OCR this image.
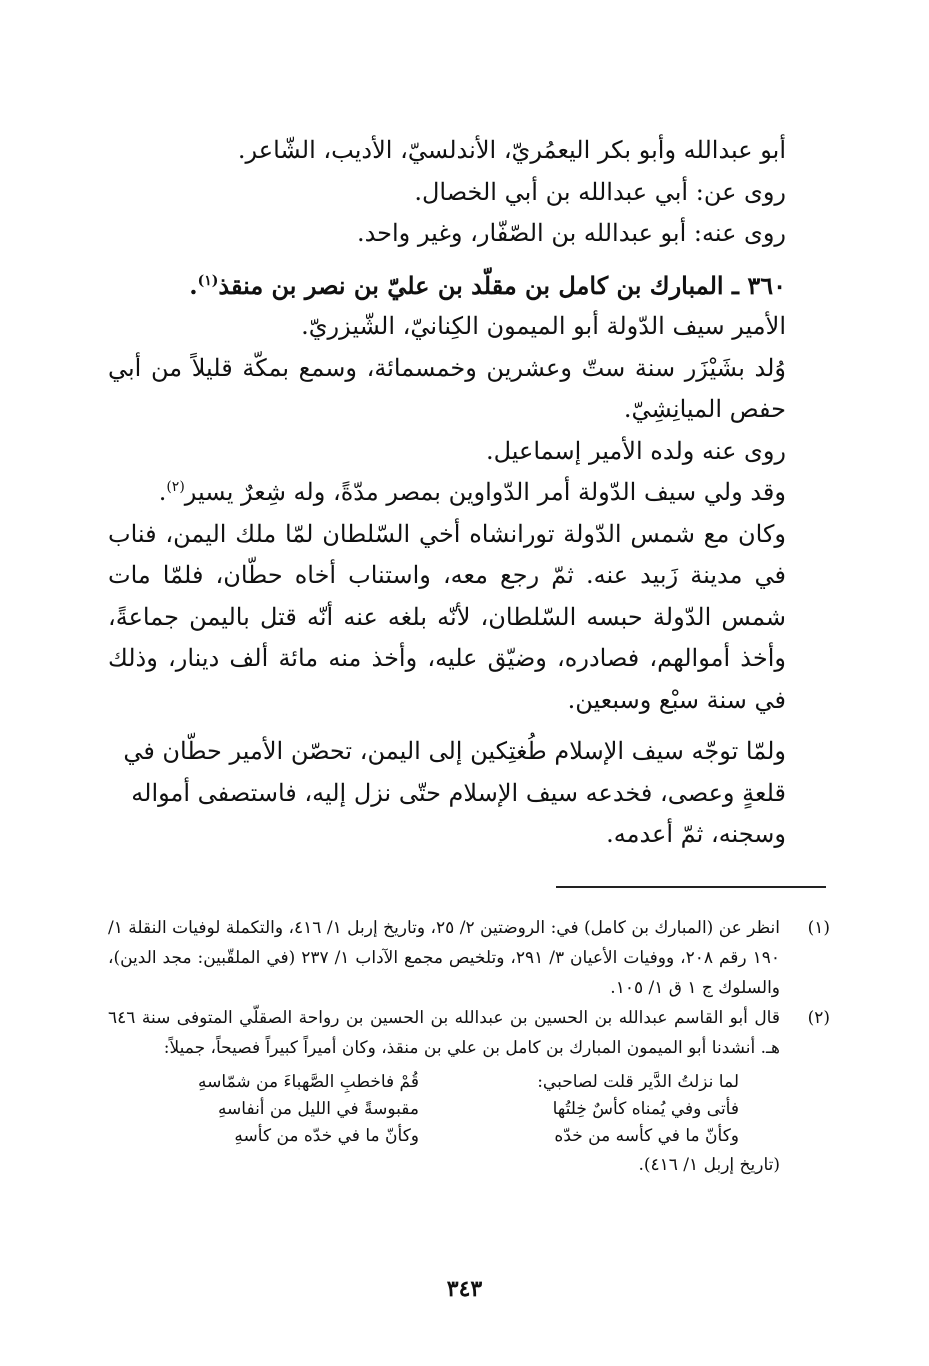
أبو عبدالله وأبو بكر اليعمُريّ، الأندلسيّ، الأديب، الشّاعر.

روى عن: أبي عبدالله بن أبي الخصال.

روى عنه: أبو عبدالله بن الصّفّار، وغير واحد.

٣٦٠ ـ المبارك بن كامل بن مقلّد بن عليّ بن نصر بن منقذ$^{(١)}$.

الأمير سيف الدّولة أبو الميمون الكِنانيّ، الشّيزريّ.

وُلد بشَيْزَر سنة ستّ وعشرين وخمسمائة، وسمع بمكّة قليلاً من أبي حفص الميانِشِيّ.

روى عنه ولده الأمير إسماعيل.

وقد ولي سيف الدّولة أمر الدّواوين بمصر مدّةً، وله شِعرٌ يسير$^{(٢)}$.

وكان مع شمس الدّولة تورانشاه أخي السّلطان لمّا ملك اليمن، فناب في مدينة زَبيد عنه. ثمّ رجع معه، واستناب أخاه حطّان، فلمّا مات شمس الدّولة حبسه السّلطان، لأنّه بلغه عنه أنّه قتل باليمن جماعةً، وأخذ أموالهم، فصادره، وضيّق عليه، وأخذ منه مائة ألف دينار، وذلك في سنة سبْع وسبعين.

ولمّا توجّه سيف الإسلام طُغتِكين إلى اليمن، تحصّن الأمير حطّان في قلعةٍ وعصى، فخدعه سيف الإسلام حتّى نزل إليه، فاستصفى أمواله وسجنه، ثمّ أعدمه.

(١)
انظر عن (المبارك بن كامل) في: الروضتين ٢/ ٢٥، وتاريخ إربل ١/ ٤١٦، والتكملة لوفيات النقلة ١/ ١٩٠ رقم ٢٠٨، ووفيات الأعيان ٣/ ٢٩١، وتلخيص مجمع الآداب ١/ ٢٣٧ (في الملقّبين: مجد الدين)، والسلوك ج ١ ق ١/ ١٠٥.
(٢)

قال أبو القاسم عبدالله بن الحسين بن عبدالله بن الحسين بن رواحة الصقلّي المتوفى سنة ٦٤٦ هـ. أنشدنا أبو الميمون المبارك بن كامل بن علي بن منقذ، وكان أميراً كبيراً فصيحاً، جميلاً:

لما نزلتُ الدَّير قلت لصاحبي:
قُمْ فاخطبِ الصَّهباءَ من شمّاسهِ
فأتى وفي يُمناه كأسٌ خِلتُها
مقبوسةً في الليل من أنفاسهِ
وكأنّ ما في كأسه من خدّه
وكأنّ ما في خدّه من كأسهِ

(تاريخ إربل ١/ ٤١٦).

٣٤٣
